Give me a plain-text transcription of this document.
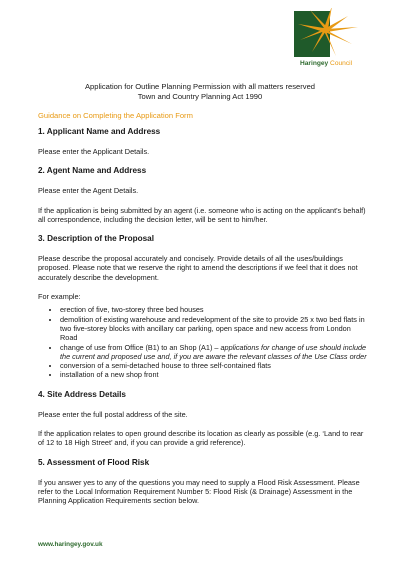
Haringey Council
Application for Outline Planning Permission with all matters reserved
Town and Country Planning Act 1990
Guidance on Completing the Application Form
1. Applicant Name and Address

Please enter the Applicant Details.

2. Agent Name and Address

Please enter the Agent Details.

If the application is being submitted by an agent (i.e. someone who is acting on the applicant's behalf) all correspondence, including the decision letter, will be sent to him/her.

3. Description of the Proposal

Please describe the proposal accurately and concisely. Provide details of all the uses/buildings proposed. Please note that we reserve the right to amend the descriptions if we feel that it does not accurately describe the development.

For example:

• erection of five, two-storey three bed houses
• demolition of existing warehouse and redevelopment of the site to provide 25 x two bed flats in two five-storey blocks with ancillary car parking, open space and new access from London Road
• change of use from Office (B1) to an Shop (A1) – applications for change of use should include the current and proposed use and, if you are aware the relevant classes of the Use Class order
• conversion of a semi-detached house to three self-contained flats
• installation of a new shop front
4. Site Address Details

Please enter the full postal address of the site.

If the application relates to open ground describe its location as clearly as possible (e.g. ‘Land to rear of 12 to 18 High Street’ and, if you can provide a grid reference).

5. Assessment of Flood Risk

If you answer yes to any of the questions you may need to supply a Flood Risk Assessment. Please refer to the Local Information Requirement Number 5: Flood Risk (& Drainage) Assessment in the Planning Application Requirements section below.

www.haringey.gov.uk
